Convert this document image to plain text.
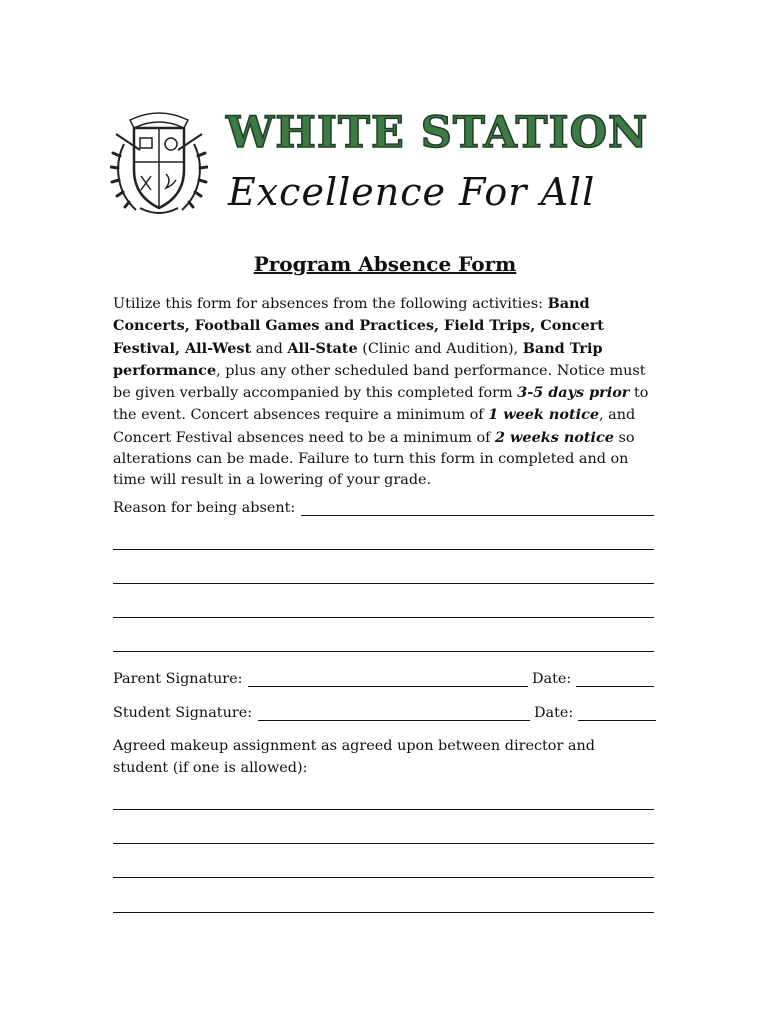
WHITE STATION
Excellence For All
Program Absence Form
Utilize this form for absences from the following activities: Band Concerts, Football Games and Practices, Field Trips, Concert Festival, All-West and All-State (Clinic and Audition), Band Trip performance, plus any other scheduled band performance. Notice must be given verbally accompanied by this completed form 3-5 days prior to the event. Concert absences require a minimum of 1 week notice, and Concert Festival absences need to be a minimum of 2 weeks notice so alterations can be made. Failure to turn this form in completed and on time will result in a lowering of your grade.
Reason for being absent:
Parent Signature:	Date:
Student Signature:	Date:
Agreed makeup assignment as agreed upon between director and student (if one is allowed):
